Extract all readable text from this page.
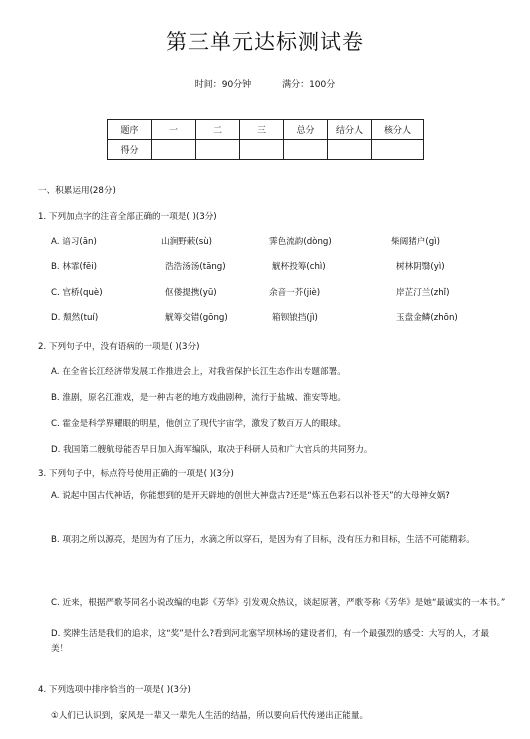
第三单元达标测试卷
时间：90分钟	满分：100分
题序	一	二	三	总分	结分人	核分人
得分						
一、积累运用(28分)
1. 下列加点字的注音全部正确的一项是( )(3分)
A. 谙习(ān)	山涧野蔌(sù)	霁色流韵(dòng)	柴阔猪户(gì)
B. 林霏(fēi)	浩浩汤汤(tāng)	觥杯投筹(chì)	树林阴翳(yì)
C. 官桥(què)	伛偻提携(yū)	余音一芥(jiè)	岸芷汀兰(zhǐ)
D. 颓然(tuí)	觥筹交错(gōng)	箱钡锒挡(jì)	玉盘金鳞(zhōn)
2. 下列句子中，没有语病的一项是( )(3分)
A. 在全省长江经济带发展工作推进会上，对我省保护长江生态作出专题部署。
B. 淮剧，原名江淮戏，是一种古老的地方戏曲剧种，流行于盐城、淮安等地。
C. 霍金是科学界耀眼的明星，他创立了现代宇宙学，激发了数百万人的眼球。
D. 我国第二艘航母能否早日加入海军编队，取决于科研人员和广大官兵的共同努力。
3. 下列句子中，标点符号使用正确的一项是( )(3分)
A. 说起中国古代神话，你能想到的是开天辟地的创世大神盘古?还是“炼五色彩石以补苍天”的大母神女娲?
B. 项羽之所以源亮，是因为有了压力，水滴之所以穿石，是因为有了目标，没有压力和目标，生活不可能精彩。
C. 近来，根据严歌苓同名小说改编的电影《芳华》引发观众热议，谈起原著，严歌苓称《芳华》是她“最诚实的一本书。”
D. 奖牌生活是我们的追求，这“奖”是什么?看到河北塞罕坝林场的建设者们，有一个最强烈的感受：大写的人，才最美！
4. 下列选项中排序恰当的一项是( )(3分)
①人们已认识到，家风是一辈又一辈先人生活的结晶，所以要向后代传递出正能量。
